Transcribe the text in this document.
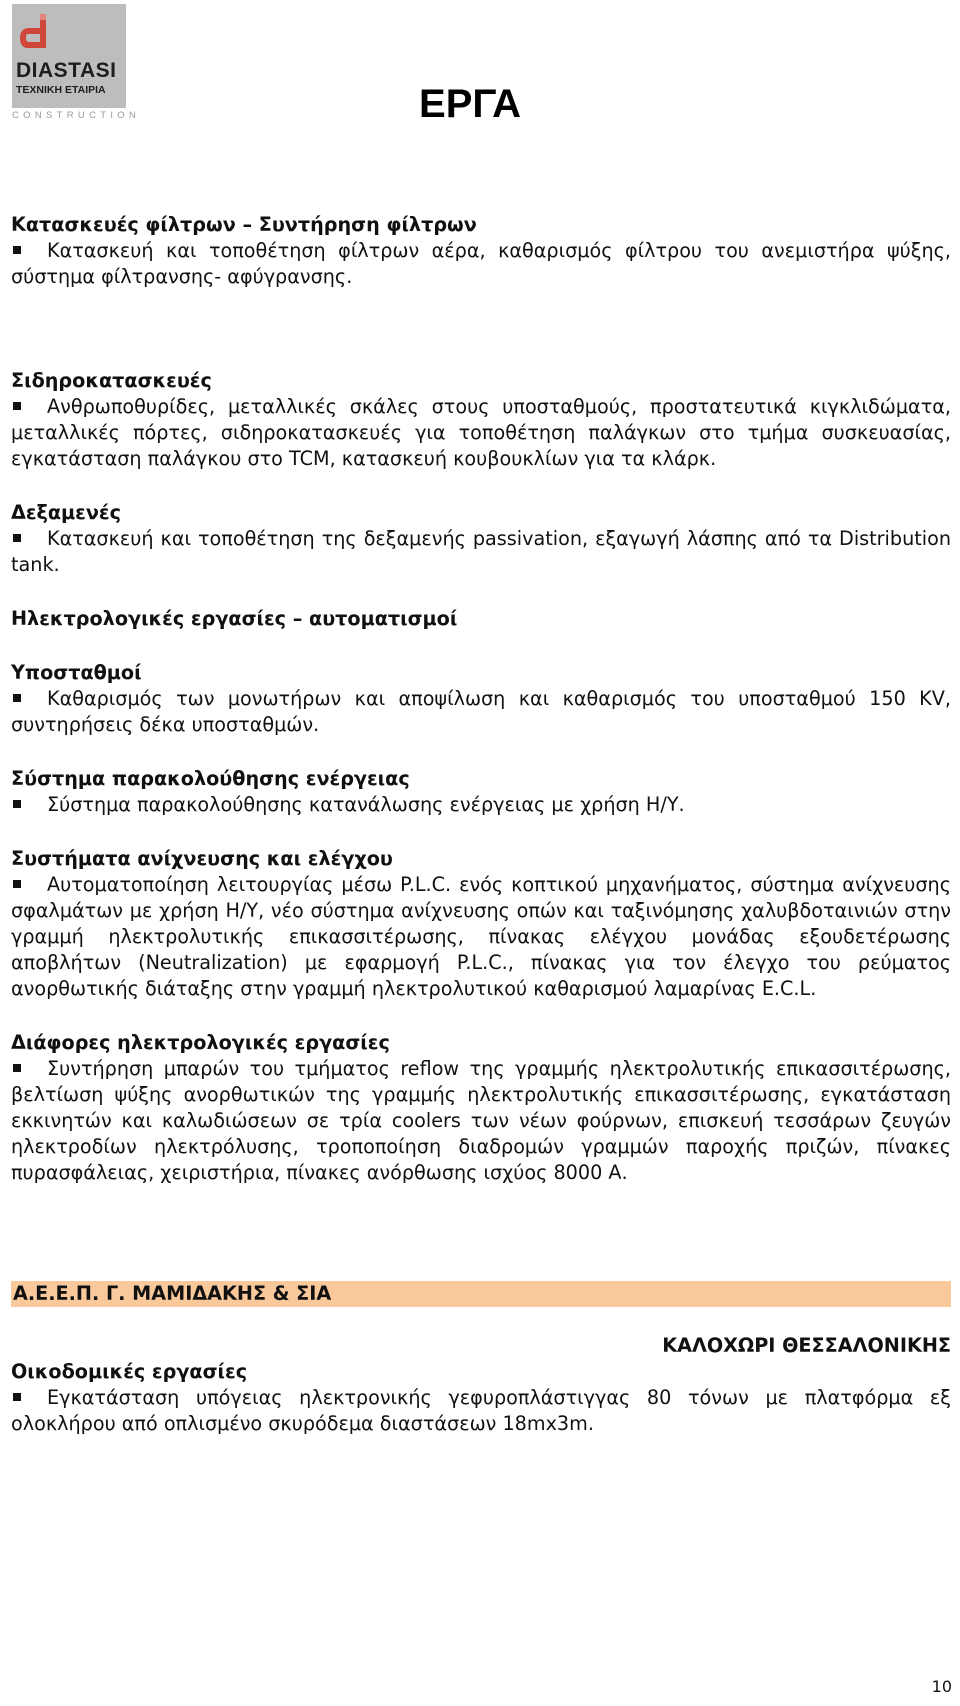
DIASTASI
ΤΕΧΝΙΚΗ ΕΤΑΙΡΙΑ
CONSTRUCTION	ΕΡΓΑ

Κατασκευές φίλτρων – Συντήρηση φίλτρων

Κατασκευή και τοποθέτηση φίλτρων αέρα, καθαρισμός φίλτρου του ανεμιστήρα ψύξης, σύστημα φίλτρανσης- αφύγρανσης.

Σιδηροκατασκευές

Ανθρωποθυρίδες, μεταλλικές σκάλες στους υποσταθμούς, προστατευτικά κιγκλιδώματα, μεταλλικές πόρτες, σιδηροκατασκευές για τοποθέτηση παλάγκων στο τμήμα συσκευασίας, εγκατάσταση παλάγκου στο TCM, κατασκευή κουβουκλίων για τα κλάρκ.

Δεξαμενές

Κατασκευή και τοποθέτηση της δεξαμενής passivation, εξαγωγή λάσπης από τα Distribution tank.

Ηλεκτρολογικές εργασίες – αυτοματισμοί

Υποσταθμοί

Καθαρισμός των μονωτήρων και αποψίλωση και καθαρισμός του υποσταθμού 150 KV, συντηρήσεις δέκα υποσταθμών.

Σύστημα παρακολούθησης ενέργειας

Σύστημα παρακολούθησης κατανάλωσης ενέργειας με χρήση Η/Υ.

Συστήματα ανίχνευσης και ελέγχου

Αυτοματοποίηση λειτουργίας μέσω P.L.C. ενός κοπτικού μηχανήματος, σύστημα ανίχνευσης σφαλμάτων με χρήση Η/Υ, νέο σύστημα ανίχνευσης οπών και ταξινόμησης χαλυβδοταινιών στην γραμμή ηλεκτρολυτικής επικασσιτέρωσης, πίνακας ελέγχου μονάδας εξουδετέρωσης αποβλήτων (Neutralization) με εφαρμογή P.L.C., πίνακας για τον έλεγχο του ρεύματος ανορθωτικής διάταξης στην γραμμή ηλεκτρολυτικού καθαρισμού λαμαρίνας E.C.L.

Διάφορες ηλεκτρολογικές εργασίες

Συντήρηση μπαρών του τμήματος reflow της γραμμής ηλεκτρολυτικής επικασσιτέρωσης, βελτίωση ψύξης ανορθωτικών της γραμμής ηλεκτρολυτικής επικασσιτέρωσης, εγκατάσταση εκκινητών και καλωδιώσεων σε τρία coolers των νέων φούρνων, επισκευή τεσσάρων ζευγών ηλεκτροδίων ηλεκτρόλυσης, τροποποίηση διαδρομών γραμμών παροχής πριζών, πίνακες πυρασφάλειας, χειριστήρια, πίνακες ανόρθωσης ισχύος 8000 Α.

Α.Ε.Ε.Π. Γ. ΜΑΜΙΔΑΚΗΣ & ΣΙΑ

ΚΑΛΟΧΩΡΙ ΘΕΣΣΑΛΟΝΙΚΗΣ

Οικοδομικές εργασίες

Εγκατάσταση υπόγειας ηλεκτρονικής γεφυροπλάστιγγας 80 τόνων με πλατφόρμα εξ ολοκλήρου από οπλισμένο σκυρόδεμα διαστάσεων 18mx3m.

10
